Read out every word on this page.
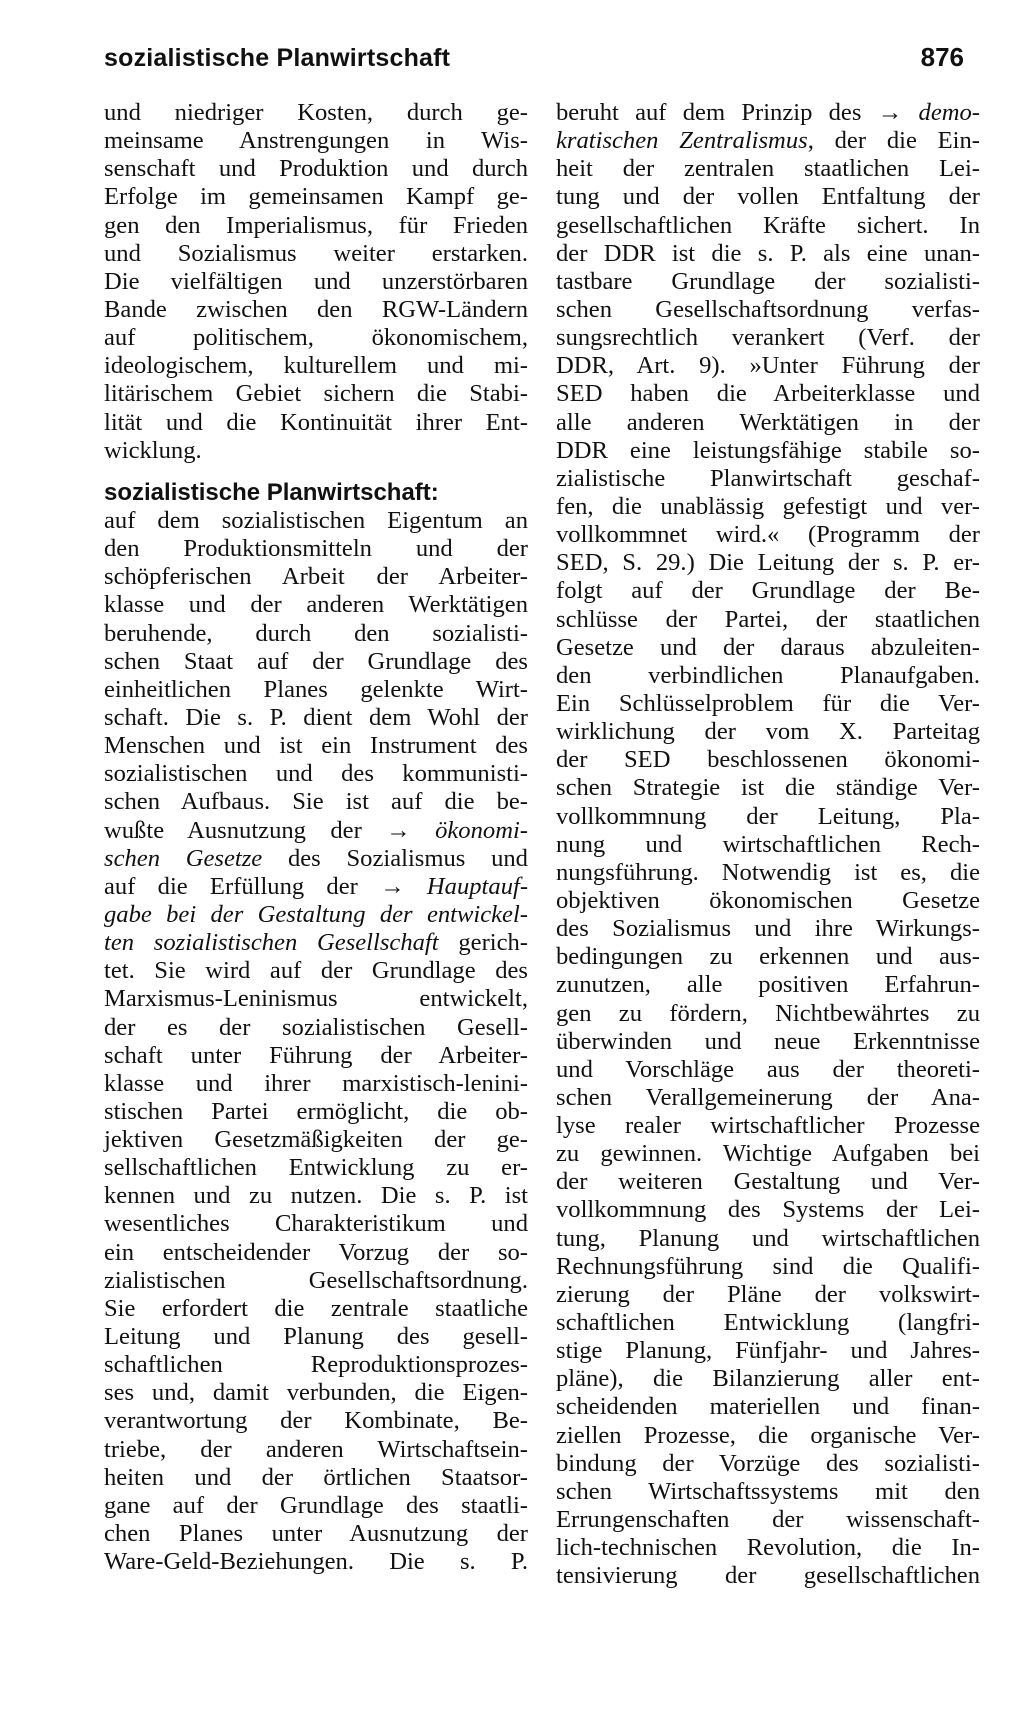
sozialistische Planwirtschaft	876
und niedriger Kosten, durch ge-
meinsame Anstrengungen in Wis-
senschaft und Produktion und durch
Erfolge im gemeinsamen Kampf ge-
gen den Imperialismus, für Frieden
und Sozialismus weiter erstarken.
Die vielfältigen und unzerstörbaren
Bande zwischen den RGW-Ländern
auf politischem, ökonomischem,
ideologischem, kulturellem und mi-
litärischem Gebiet sichern die Stabi-
lität und die Kontinuität ihrer Ent-
wicklung.
sozialistische Planwirtschaft:
auf dem sozialistischen Eigentum an
den Produktionsmitteln und der
schöpferischen Arbeit der Arbeiter-
klasse und der anderen Werktätigen
beruhende, durch den sozialisti-
schen Staat auf der Grundlage des
einheitlichen Planes gelenkte Wirt-
schaft. Die s. P. dient dem Wohl der
Menschen und ist ein Instrument des
sozialistischen und des kommunisti-
schen Aufbaus. Sie ist auf die be-
wußte Ausnutzung der → ökonomi-
schen Gesetze des Sozialismus und
auf die Erfüllung der → Hauptauf-
gabe bei der Gestaltung der entwickel-
ten sozialistischen Gesellschaft gerich-
tet. Sie wird auf der Grundlage des
Marxismus-Leninismus entwickelt,
der es der sozialistischen Gesell-
schaft unter Führung der Arbeiter-
klasse und ihrer marxistisch-lenini-
stischen Partei ermöglicht, die ob-
jektiven Gesetzmäßigkeiten der ge-
sellschaftlichen Entwicklung zu er-
kennen und zu nutzen. Die s. P. ist
wesentliches Charakteristikum und
ein entscheidender Vorzug der so-
zialistischen Gesellschaftsordnung.
Sie erfordert die zentrale staatliche
Leitung und Planung des gesell-
schaftlichen Reproduktionsprozes-
ses und, damit verbunden, die Eigen-
verantwortung der Kombinate, Be-
triebe, der anderen Wirtschaftsein-
heiten und der örtlichen Staatsor-
gane auf der Grundlage des staatli-
chen Planes unter Ausnutzung der
Ware-Geld-Beziehungen. Die s. P.
beruht auf dem Prinzip des → demo-
kratischen Zentralismus, der die Ein-
heit der zentralen staatlichen Lei-
tung und der vollen Entfaltung der
gesellschaftlichen Kräfte sichert. In
der DDR ist die s. P. als eine unan-
tastbare Grundlage der sozialisti-
schen Gesellschaftsordnung verfas-
sungsrechtlich verankert (Verf. der
DDR, Art. 9). »Unter Führung der
SED haben die Arbeiterklasse und
alle anderen Werktätigen in der
DDR eine leistungsfähige stabile so-
zialistische Planwirtschaft geschaf-
fen, die unablässig gefestigt und ver-
vollkommnet wird.« (Programm der
SED, S. 29.) Die Leitung der s. P. er-
folgt auf der Grundlage der Be-
schlüsse der Partei, der staatlichen
Gesetze und der daraus abzuleiten-
den verbindlichen Planaufgaben.
Ein Schlüsselproblem für die Ver-
wirklichung der vom X. Parteitag
der SED beschlossenen ökonomi-
schen Strategie ist die ständige Ver-
vollkommnung der Leitung, Pla-
nung und wirtschaftlichen Rech-
nungsführung. Notwendig ist es, die
objektiven ökonomischen Gesetze
des Sozialismus und ihre Wirkungs-
bedingungen zu erkennen und aus-
zunutzen, alle positiven Erfahrun-
gen zu fördern, Nichtbewährtes zu
überwinden und neue Erkenntnisse
und Vorschläge aus der theoreti-
schen Verallgemeinerung der Ana-
lyse realer wirtschaftlicher Prozesse
zu gewinnen. Wichtige Aufgaben bei
der weiteren Gestaltung und Ver-
vollkommnung des Systems der Lei-
tung, Planung und wirtschaftlichen
Rechnungsführung sind die Qualifi-
zierung der Pläne der volkswirt-
schaftlichen Entwicklung (langfri-
stige Planung, Fünfjahr- und Jahres-
pläne), die Bilanzierung aller ent-
scheidenden materiellen und finan-
ziellen Prozesse, die organische Ver-
bindung der Vorzüge des sozialisti-
schen Wirtschaftssystems mit den
Errungenschaften der wissenschaft-
lich-technischen Revolution, die In-
tensivierung der gesellschaftlichen
